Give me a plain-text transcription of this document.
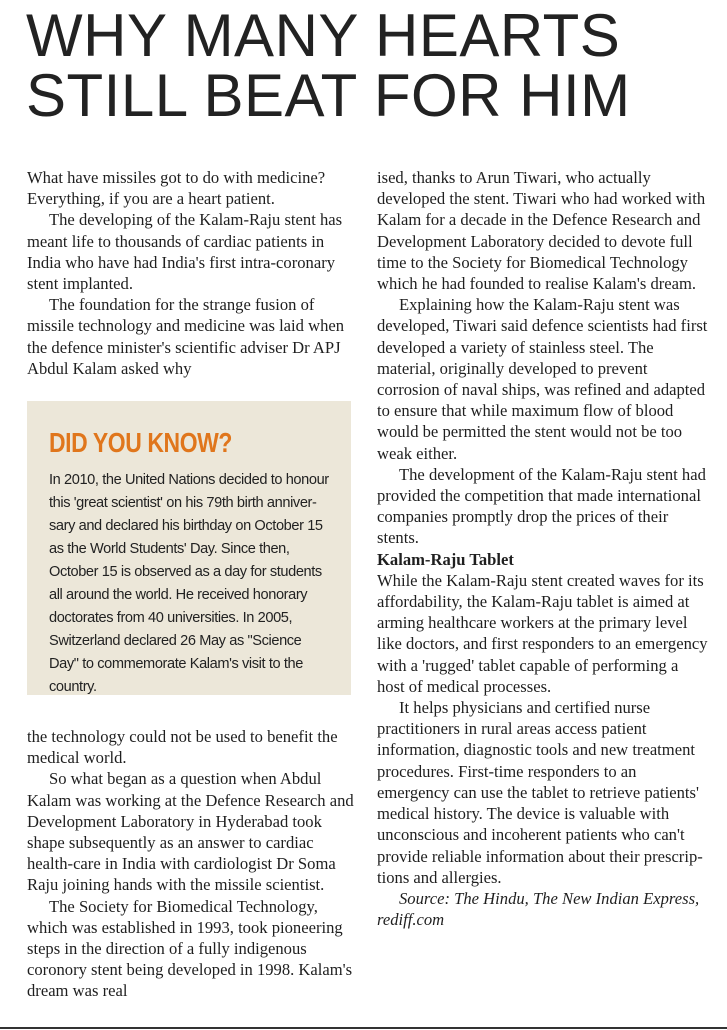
WHY MANY HEARTS
STILL BEAT FOR HIM

What have missiles got to do with medicine? Everything, if you are a heart patient.

The developing of the Kalam-Raju stent has meant life to thousands of cardiac patients in India who have had India's first intra-coronary stent implanted.

The foundation for the strange fusion of missile technology and medicine was laid when the defence minister's scientific adviser Dr APJ Abdul Kalam asked why

DID YOU KNOW?

In 2010, the United Nations decided to honour this 'great scientist' on his 79th birth anniversary and declared his birthday on October 15 as the World Students' Day. Since then, October 15 is observed as a day for students all around the world. He received honorary doctorates from 40 universities. In 2005, Switzerland declared 26 May as "Science Day" to commemorate Kalam's visit to the country.

the technology could not be used to benefit the medical world.

So what began as a question when Abdul Kalam was working at the Defence Research and Development Laboratory in Hyderabad took shape subsequently as an answer to cardiac health-care in India with cardiologist Dr Soma Raju joining hands with the missile scientist.

The Society for Biomedical Technology, which was established in 1993, took pioneering steps in the direction of a fully indigenous coronory stent being developed in 1998. Kalam's dream was real

ised, thanks to Arun Tiwari, who actually developed the stent. Tiwari who had worked with Kalam for a decade in the Defence Research and Development Laboratory decided to devote full time to the Society for Biomedical Technology which he had founded to realise Kalam's dream.

Explaining how the Kalam-Raju stent was developed, Tiwari said defence scientists had first developed a variety of stainless steel. The material, originally developed to prevent corrosion of naval ships, was refined and adapted to ensure that while maximum flow of blood would be permitted the stent would not be too weak either.

The development of the Kalam-Raju stent had provided the competition that made international companies promptly drop the prices of their stents.

Kalam-Raju Tablet

While the Kalam-Raju stent created waves for its affordability, the Kalam-Raju tablet is aimed at arming healthcare workers at the primary level like doctors, and first responders to an emergency with a 'rugged' tablet capable of performing a host of medical processes.

It helps physicians and certified nurse practitioners in rural areas access patient information, diagnostic tools and new treatment procedures. First-time responders to an emergency can use the tablet to retrieve patients' medical history. The device is valuable with unconscious and incoherent patients who can't provide reliable information about their prescriptions and allergies.

Source: The Hindu, The New Indian Express, rediff.com
